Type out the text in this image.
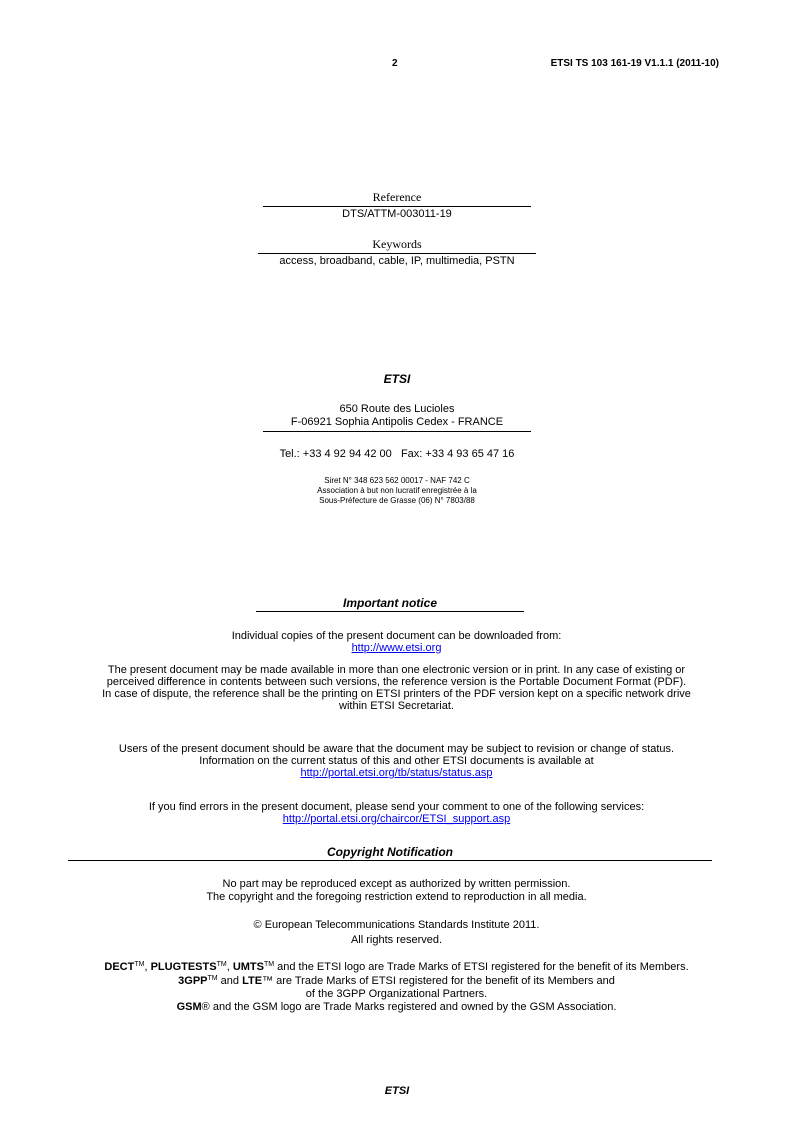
2	ETSI TS 103 161-19 V1.1.1 (2011-10)
Reference
DTS/ATTM-003011-19
Keywords
access, broadband, cable, IP, multimedia, PSTN
ETSI
650 Route des Lucioles
F-06921 Sophia Antipolis Cedex - FRANCE
Tel.: +33 4 92 94 42 00   Fax: +33 4 93 65 47 16
Siret N° 348 623 562 00017 - NAF 742 C
Association à but non lucratif enregistrée à la
Sous-Préfecture de Grasse (06) N° 7803/88
Important notice
Individual copies of the present document can be downloaded from:
http://www.etsi.org
The present document may be made available in more than one electronic version or in print. In any case of existing or
perceived difference in contents between such versions, the reference version is the Portable Document Format (PDF).
In case of dispute, the reference shall be the printing on ETSI printers of the PDF version kept on a specific network drive
within ETSI Secretariat.
Users of the present document should be aware that the document may be subject to revision or change of status.
Information on the current status of this and other ETSI documents is available at
http://portal.etsi.org/tb/status/status.asp
If you find errors in the present document, please send your comment to one of the following services:
http://portal.etsi.org/chaircor/ETSI_support.asp
Copyright Notification
No part may be reproduced except as authorized by written permission.
The copyright and the foregoing restriction extend to reproduction in all media.
© European Telecommunications Standards Institute 2011.
All rights reserved.
DECT™, PLUGTESTS™, UMTS™ and the ETSI logo are Trade Marks of ETSI registered for the benefit of its Members.
3GPP™ and LTE™ are Trade Marks of ETSI registered for the benefit of its Members and
of the 3GPP Organizational Partners.
GSM® and the GSM logo are Trade Marks registered and owned by the GSM Association.
ETSI
